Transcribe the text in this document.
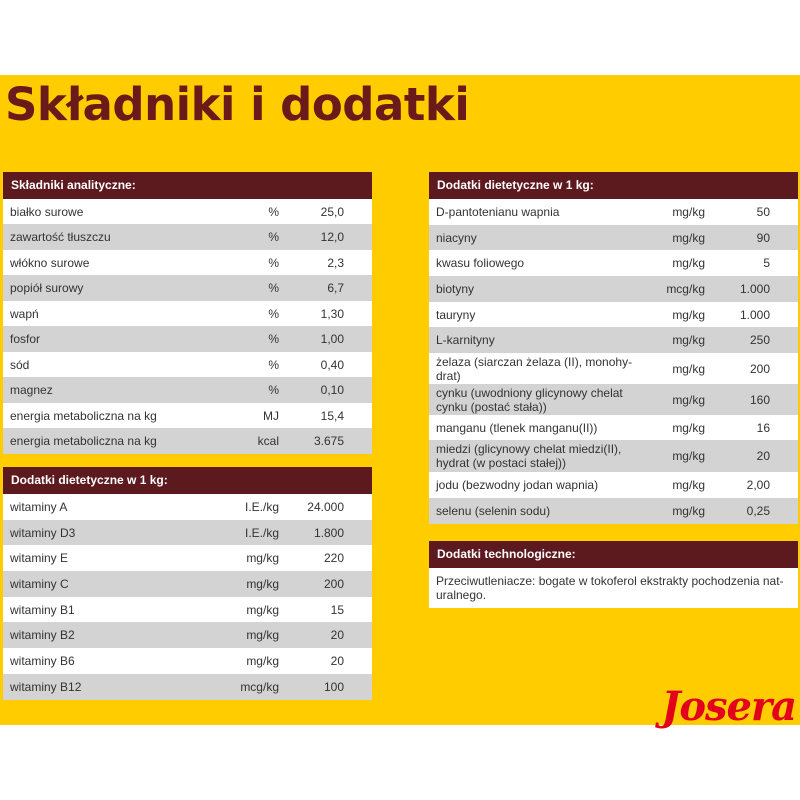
Składniki i dodatki
Składniki analityczne:
białko surowe	%	25,0
zawartość tłuszczu	%	12,0
włókno surowe	%	2,3
popiół surowy	%	6,7
wapń	%	1,30
fosfor	%	1,00
sód	%	0,40
magnez	%	0,10
energia metaboliczna na kg	MJ	15,4
energia metaboliczna na kg	kcal	3.675
Dodatki dietetyczne w 1 kg:
witaminy A	I.E./kg 24.000
witaminy D3	I.E./kg	1.800
witaminy E	mg/kg	220
witaminy C	mg/kg	200
witaminy B1	mg/kg	15
witaminy B2	mg/kg	20
witaminy B6	mg/kg	20
witaminy B12	mcg/kg	100
Dodatki dietetyczne w 1 kg:
D-pantotenianu wapnia	mg/kg	50
niacyny	mg/kg	90
kwasu foliowego	mg/kg	5
biotyny	mcg/kg	1.000
tauryny	mg/kg	1.000
L-karnityny	mg/kg	250
żelaza (siarczan żelaza (II), monohy-drat)	mg/kg	200
cynku (uwodniony glicynowy chelat cynku (postać stała))	mg/kg	160
manganu (tlenek manganu(II))	mg/kg	16
miedzi (glicynowy chelat miedzi(II), hydrat (w postaci stałej))	mg/kg	20
jodu (bezwodny jodan wapnia)	mg/kg	2,00
selenu (selenin sodu)	mg/kg	0,25
Dodatki technologiczne:
Przeciwutleniacze: bogate w tokoferol ekstrakty pochodzenia nat-uralnego.
Josera
